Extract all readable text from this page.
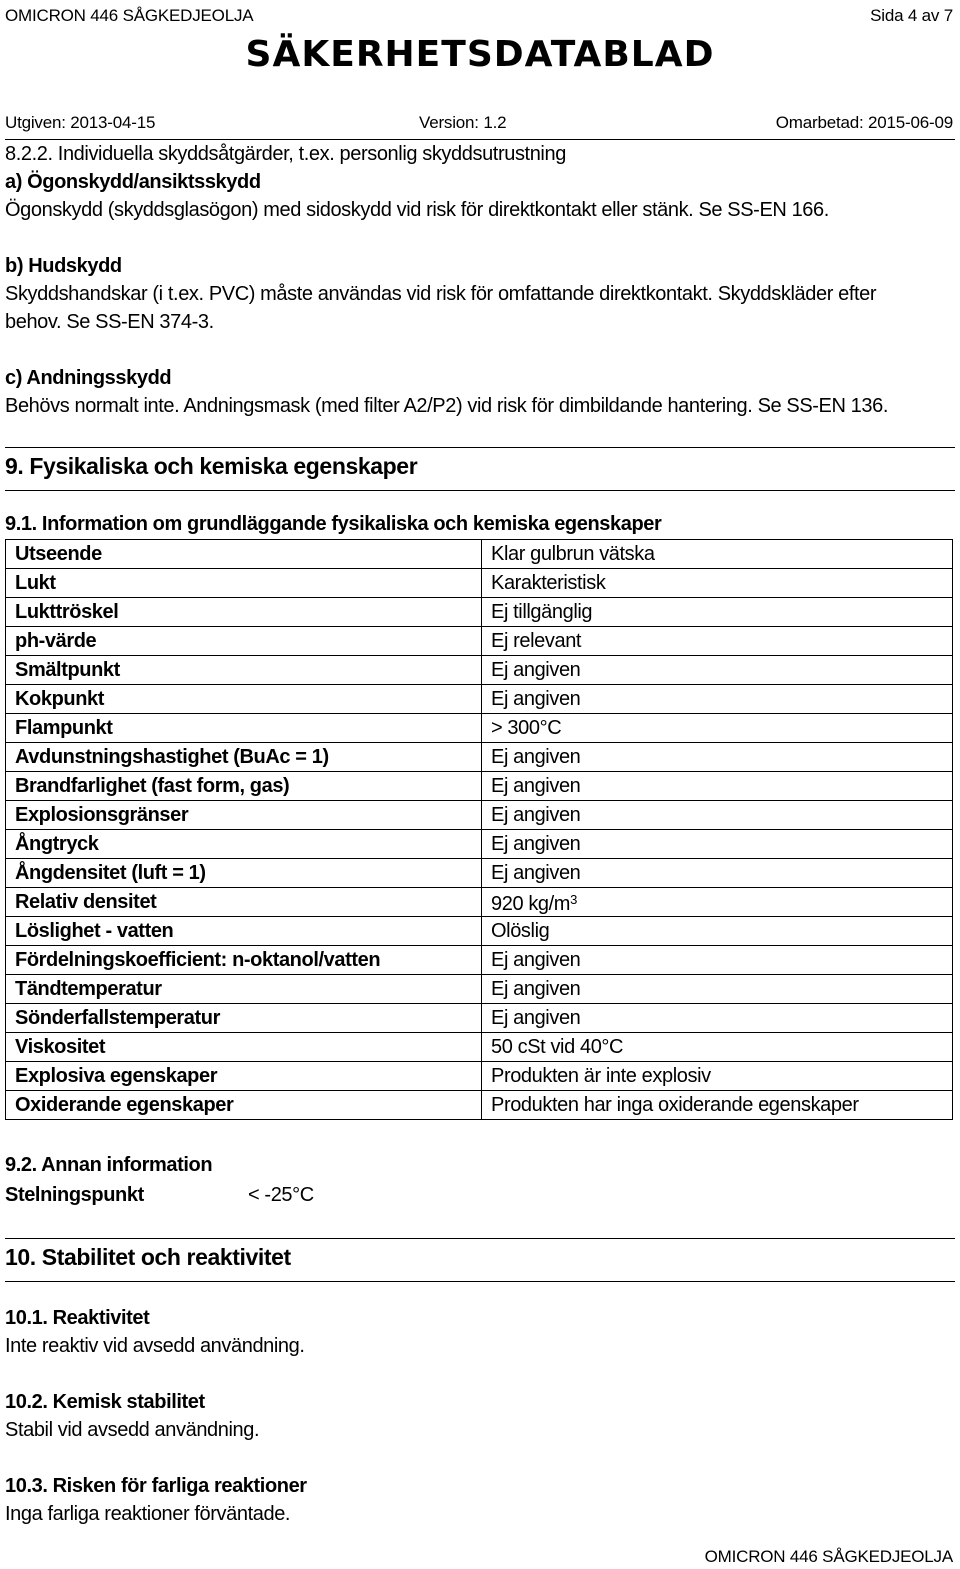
OMICRON 446 SÅGKEDJEOLJA	Sida 4 av 7
SÄKERHETSDATABLAD
Utgiven: 2013-04-15	Version: 1.2	Omarbetad: 2015-06-09
8.2.2. Individuella skyddsåtgärder, t.ex. personlig skyddsutrustning
a) Ögonskydd/ansiktsskydd
Ögonskydd (skyddsglasögon) med sidoskydd vid risk för direktkontakt eller stänk. Se SS-EN 166.
b) Hudskydd
Skyddshandskar (i t.ex. PVC) måste användas vid risk för omfattande direktkontakt. Skyddskläder efter
behov. Se SS-EN 374-3.
c) Andningsskydd
Behövs normalt inte. Andningsmask (med filter A2/P2) vid risk för dimbildande hantering. Se SS-EN 136.
9. Fysikaliska och kemiska egenskaper
9.1. Information om grundläggande fysikaliska och kemiska egenskaper
Utseende	Klar gulbrun vätska
Lukt	Karakteristisk
Lukttröskel	Ej tillgänglig
ph-värde	Ej relevant
Smältpunkt	Ej angiven
Kokpunkt	Ej angiven
Flampunkt	> 300°C
Avdunstningshastighet (BuAc = 1)	Ej angiven
Brandfarlighet (fast form, gas)	Ej angiven
Explosionsgränser	Ej angiven
Ångtryck	Ej angiven
Ångdensitet (luft = 1)	Ej angiven
Relativ densitet	920 $kg/m^3$
Löslighet - vatten	Olöslig
Fördelningskoefficient: n-oktanol/vatten	Ej angiven
Tändtemperatur	Ej angiven
Sönderfallstemperatur	Ej angiven
Viskositet	50 cSt vid 40°C
Explosiva egenskaper	Produkten är inte explosiv
Oxiderande egenskaper	Produkten har inga oxiderande egenskaper
9.2. Annan information
Stelningspunkt	< -25°C
10. Stabilitet och reaktivitet
10.1. Reaktivitet
Inte reaktiv vid avsedd användning.
10.2. Kemisk stabilitet
Stabil vid avsedd användning.
10.3. Risken för farliga reaktioner
Inga farliga reaktioner förväntade.
OMICRON 446 SÅGKEDJEOLJA
